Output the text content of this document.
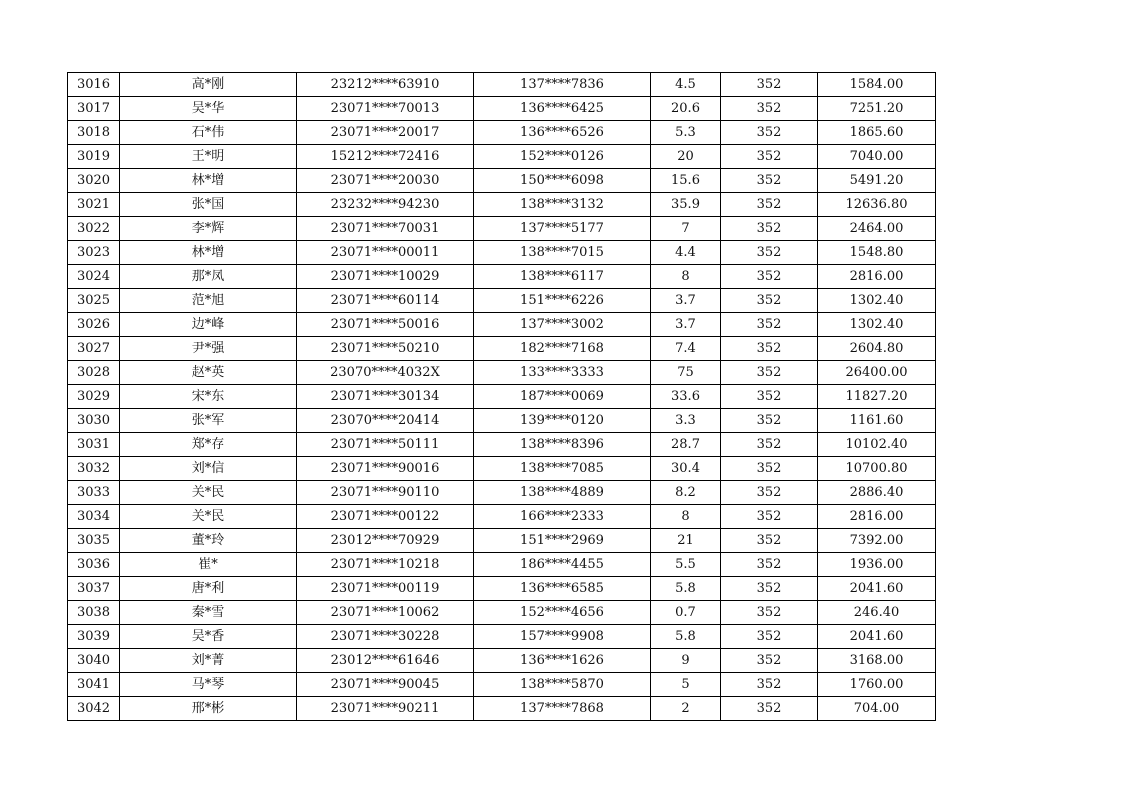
3016	高*刚	23212****63910	137****7836	4.5	352	1584.00
3017	吴*华	23071****70013	136****6425	20.6	352	7251.20
3018	石*伟	23071****20017	136****6526	5.3	352	1865.60
3019	王*明	15212****72416	152****0126	20	352	7040.00
3020	林*增	23071****20030	150****6098	15.6	352	5491.20
3021	张*国	23232****94230	138****3132	35.9	352	12636.80
3022	李*辉	23071****70031	137****5177	7	352	2464.00
3023	林*增	23071****00011	138****7015	4.4	352	1548.80
3024	那*凤	23071****10029	138****6117	8	352	2816.00
3025	范*旭	23071****60114	151****6226	3.7	352	1302.40
3026	边*峰	23071****50016	137****3002	3.7	352	1302.40
3027	尹*强	23071****50210	182****7168	7.4	352	2604.80
3028	赵*英	23070****4032X	133****3333	75	352	26400.00
3029	宋*东	23071****30134	187****0069	33.6	352	11827.20
3030	张*军	23070****20414	139****0120	3.3	352	1161.60
3031	郑*存	23071****50111	138****8396	28.7	352	10102.40
3032	刘*信	23071****90016	138****7085	30.4	352	10700.80
3033	关*民	23071****90110	138****4889	8.2	352	2886.40
3034	关*民	23071****00122	166****2333	8	352	2816.00
3035	董*玲	23012****70929	151****2969	21	352	7392.00
3036	崔*	23071****10218	186****4455	5.5	352	1936.00
3037	唐*利	23071****00119	136****6585	5.8	352	2041.60
3038	秦*雪	23071****10062	152****4656	0.7	352	246.40
3039	吴*香	23071****30228	157****9908	5.8	352	2041.60
3040	刘*菁	23012****61646	136****1626	9	352	3168.00
3041	马*琴	23071****90045	138****5870	5	352	1760.00
3042	邢*彬	23071****90211	137****7868	2	352	704.00
